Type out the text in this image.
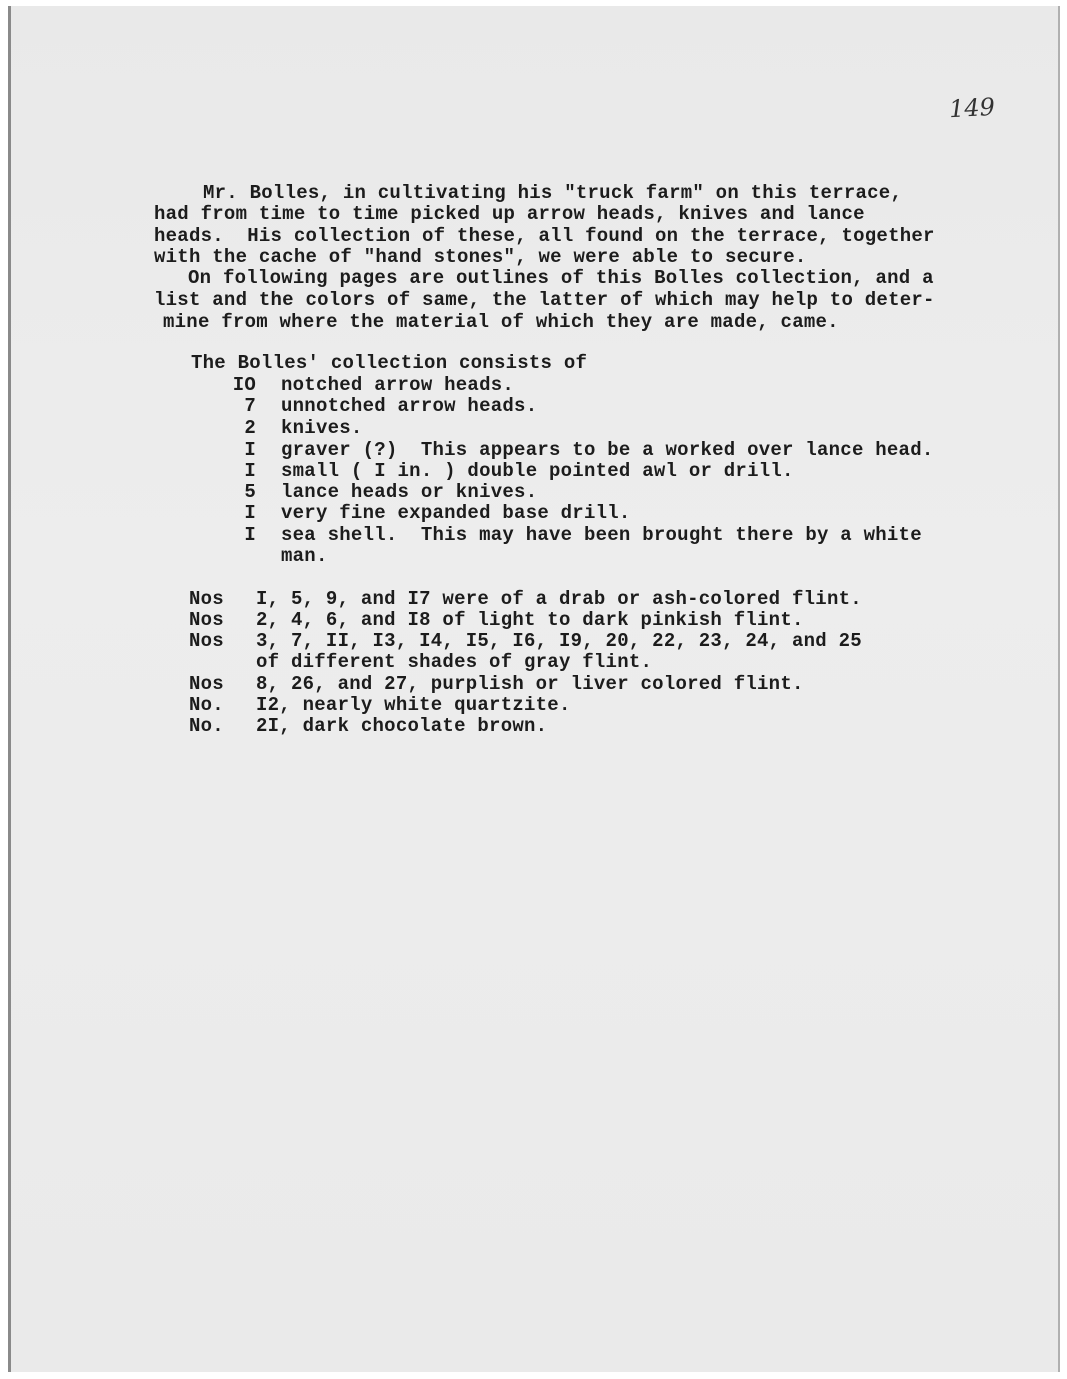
149
Mr. Bolles, in cultivating his "truck farm" on this terrace,
had from time to time picked up arrow heads, knives and lance
heads.  His collection of these, all found on the terrace, together
with the cache of "hand stones", we were able to secure.
On following pages are outlines of this Bolles collection, and a
list and the colors of same, the latter of which may help to deter-
mine from where the material of which they are made, came.
The Bolles' collection consists of
IO notched arrow heads.
7 unnotched arrow heads.
2 knives.
I graver (?)  This appears to be a worked over lance head.
I small ( I in. ) double pointed awl or drill.
5 lance heads or knives.
I very fine expanded base drill.
I sea shell.  This may have been brought there by a white
man.
Nos I, 5, 9, and I7 were of a drab or ash-colored flint.
Nos 2, 4, 6, and I8 of light to dark pinkish flint.
Nos 3, 7, II, I3, I4, I5, I6, I9, 20, 22, 23, 24, and 25
of different shades of gray flint.
Nos 8, 26, and 27, purplish or liver colored flint.
No. I2, nearly white quartzite.
No. 2I, dark chocolate brown.
